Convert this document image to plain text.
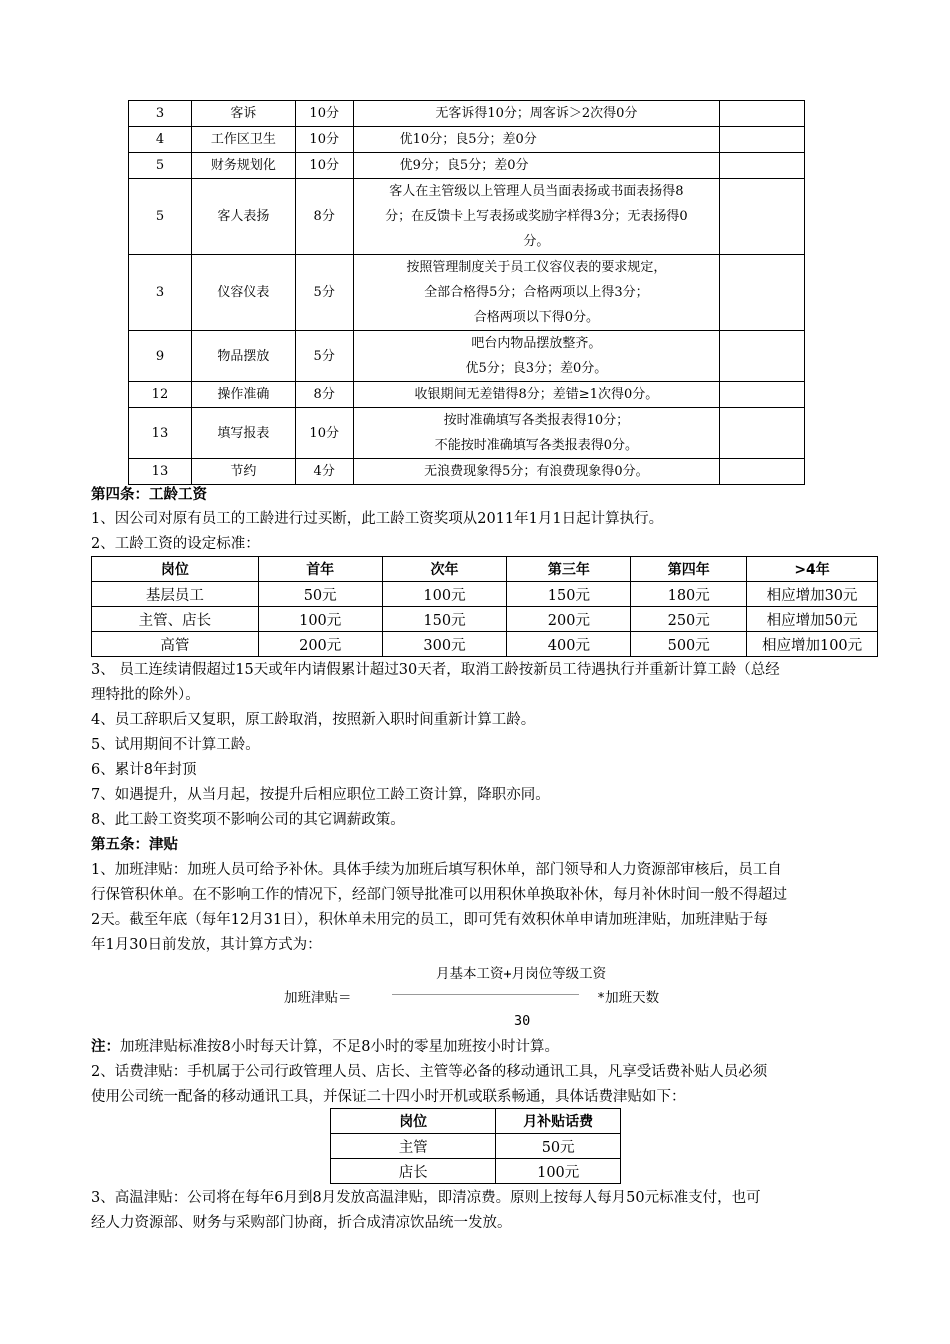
3	客诉	10分	无客诉得10分；周客诉＞2次得0分	

4	工作区卫生	10分	优10分；良5分；差0分	

5	财务规划化	10分	优9分；良5分；差0分	

5	客人表扬	8分	客人在主管级以上管理人员当面表扬或书面表扬得8
分；在反馈卡上写表扬或奖励字样得3分；无表扬得0
分。	

3	仪容仪表	5分	按照管理制度关于员工仪容仪表的要求规定，
全部合格得5分；合格两项以上得3分；
合格两项以下得0分。	

9	物品摆放	5分	吧台内物品摆放整齐。
优5分；良3分；差0分。	

12	操作准确	8分	收银期间无差错得8分；差错≥1次得0分。	

13	填写报表	10分	按时准确填写各类报表得10分；
不能按时准确填写各类报表得0分。	

13	节约	4分	无浪费现象得5分；有浪费现象得0分。	

第四条：工龄工资
1、因公司对原有员工的工龄进行过买断，此工龄工资奖项从2011年1月1日起计算执行。
2、工龄工资的设定标准：
岗位	首年	次年	第三年	第四年	>4年
基层员工	50元	100元	150元	180元	相应增加30元
主管、店长	100元	150元	200元	250元	相应增加50元
高管	200元	300元	400元	500元	相应增加100元
3、 员工连续请假超过15天或年内请假累计超过30天者，取消工龄按新员工待遇执行并重新计算工龄（总经
理特批的除外）。
4、员工辞职后又复职，原工龄取消，按照新入职时间重新计算工龄。
5、试用期间不计算工龄。
6、累计8年封顶
7、如遇提升，从当月起，按提升后相应职位工龄工资计算，降职亦同。
8、此工龄工资奖项不影响公司的其它调薪政策。
第五条：津贴
1、加班津贴：加班人员可给予补休。具体手续为加班后填写积休单，部门领导和人力资源部审核后，员工自
行保管积休单。在不影响工作的情况下，经部门领导批准可以用积休单换取补休，每月补休时间一般不得超过
2天。截至年底（每年12月31日），积休单未用完的员工，即可凭有效积休单申请加班津贴，加班津贴于每
年1月30日前发放，其计算方式为：
月基本工资+月岗位等级工资
加班津贴＝	*加班天数
30
注：加班津贴标准按8小时每天计算，不足8小时的零星加班按小时计算。
2、话费津贴：手机属于公司行政管理人员、店长、主管等必备的移动通讯工具，凡享受话费补贴人员必须
使用公司统一配备的移动通讯工具，并保证二十四小时开机或联系畅通，具体话费津贴如下：
岗位	月补贴话费
主管	50元
店长	100元
3、高温津贴：公司将在每年6月到8月发放高温津贴，即清凉费。原则上按每人每月50元标准支付，也可
经人力资源部、财务与采购部门协商，折合成清凉饮品统一发放。
